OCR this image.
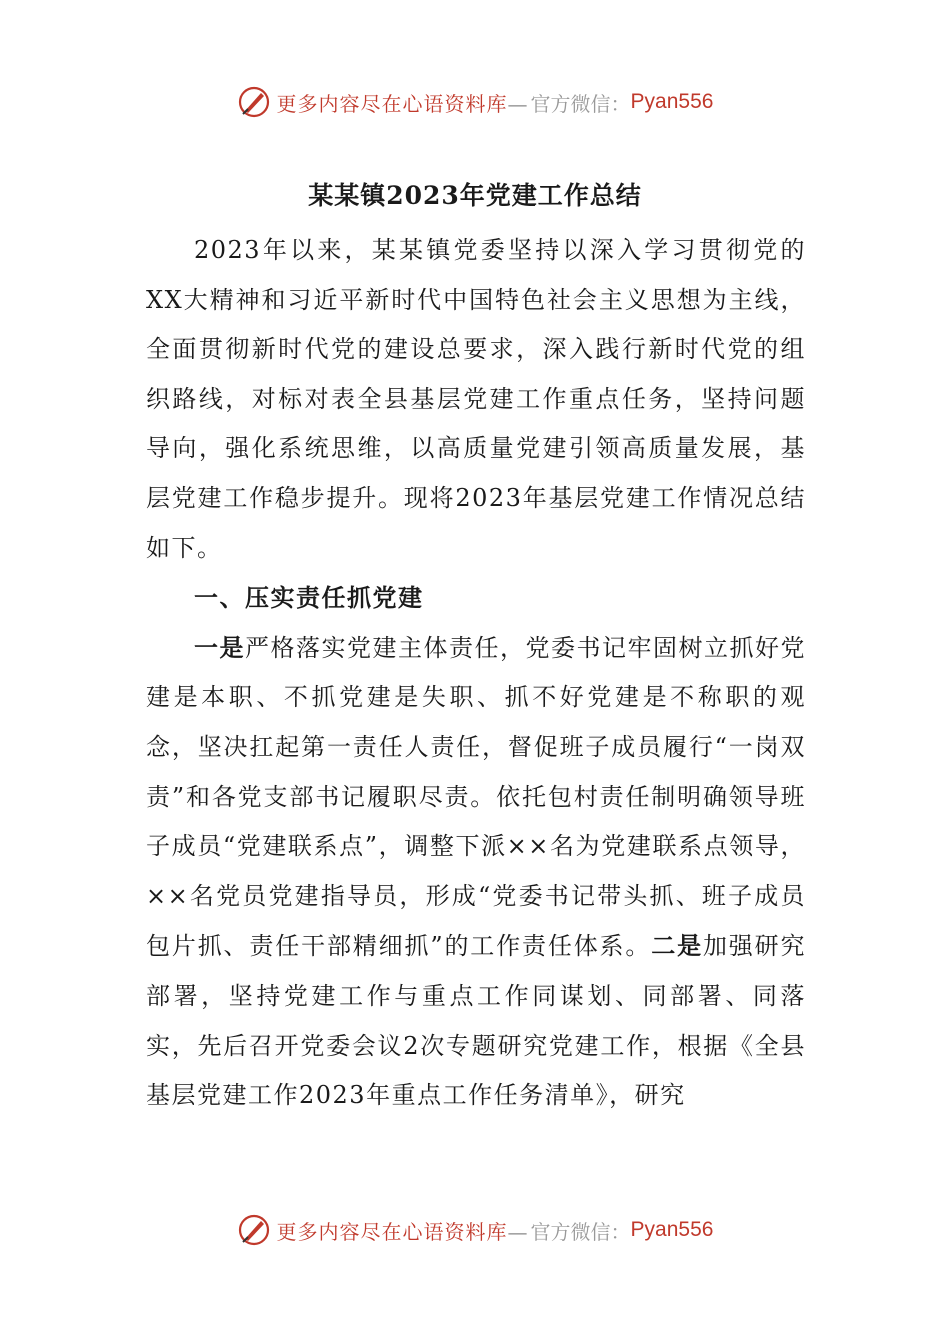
更多内容尽在心语资料库— 官方微信： Pyan556
某某镇2023年党建工作总结

2023年以来，某某镇党委坚持以深入学习贯彻党的XX大精神和习近平新时代中国特色社会主义思想为主线，全面贯彻新时代党的建设总要求，深入践行新时代党的组织路线，对标对表全县基层党建工作重点任务，坚持问题导向，强化系统思维，以高质量党建引领高质量发展，基层党建工作稳步提升。现将2023年基层党建工作情况总结如下。

一、压实责任抓党建

一是严格落实党建主体责任，党委书记牢固树立抓好党建是本职、不抓党建是失职、抓不好党建是不称职的观念，坚决扛起第一责任人责任，督促班子成员履行“一岗双责”和各党支部书记履职尽责。依托包村责任制明确领导班子成员“党建联系点”，调整下派××名为党建联系点领导，××名党员党建指导员，形成“党委书记带头抓、班子成员包片抓、责任干部精细抓”的工作责任体系。二是加强研究部署，坚持党建工作与重点工作同谋划、同部署、同落实，先后召开党委会议2次专题研究党建工作，根据《全县基层党建工作2023年重点工作任务清单》，研究

更多内容尽在心语资料库— 官方微信： Pyan556
